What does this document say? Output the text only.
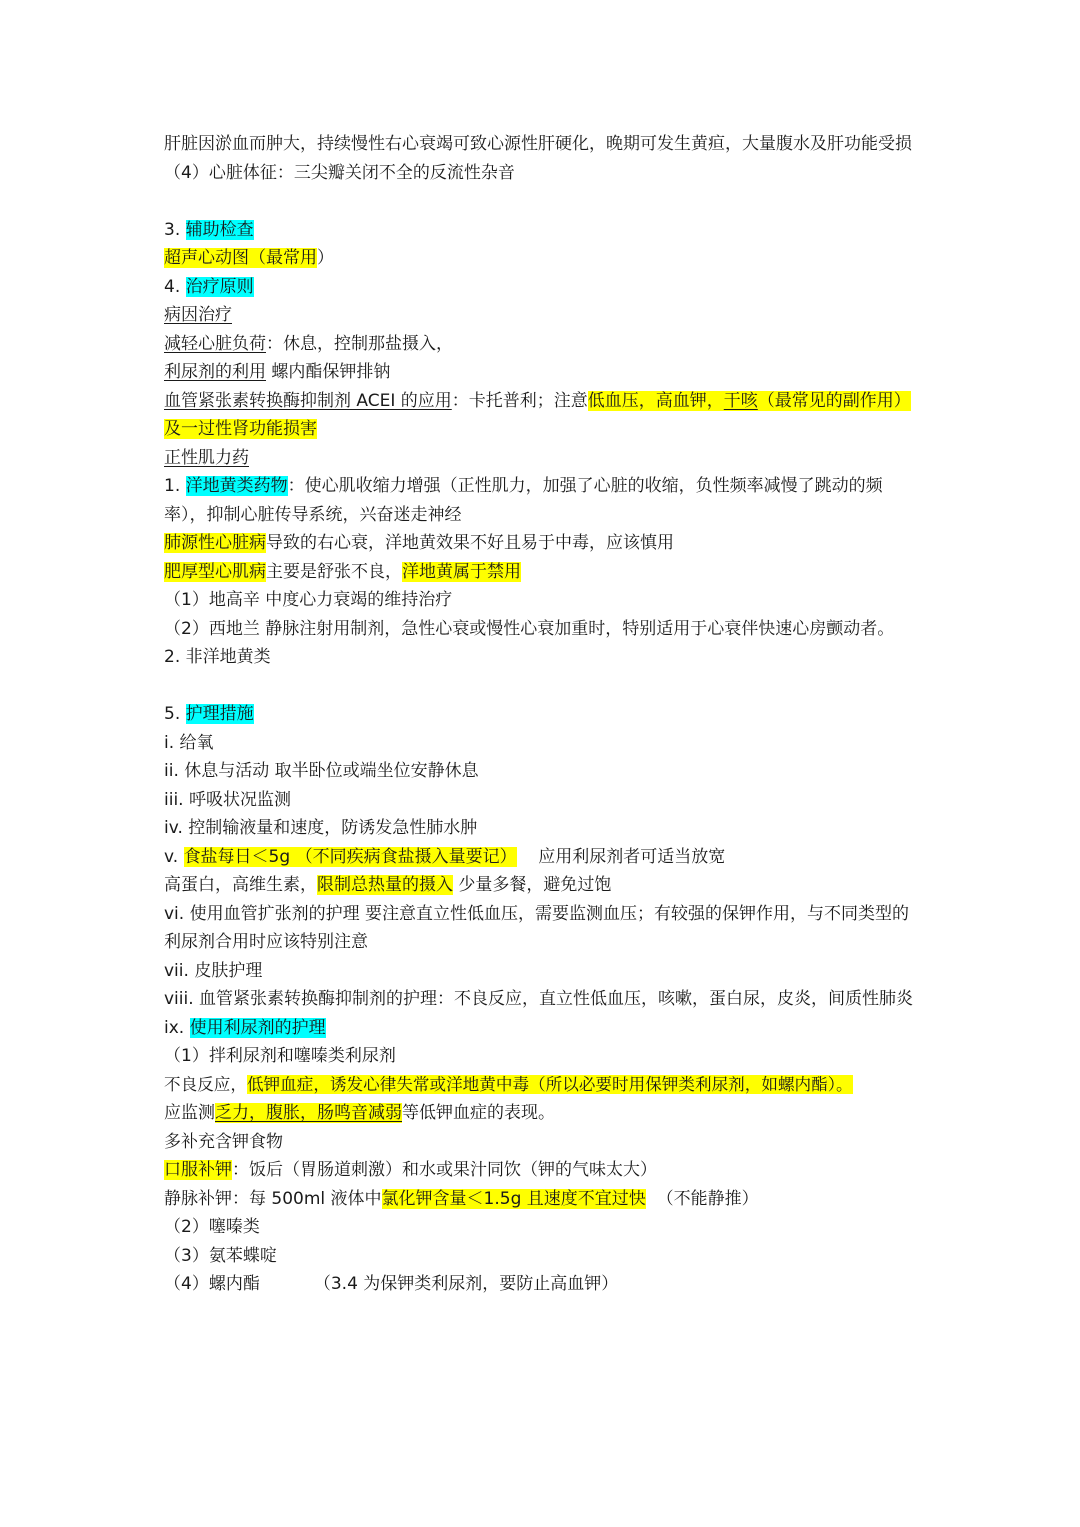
肝脏因淤血而肿大，持续慢性右心衰竭可致心源性肝硬化，晚期可发生黄疸，大量腹水及肝功能受损
（4）心脏体征：三尖瓣关闭不全的反流性杂音
3. 辅助检查
超声心动图（最常用）
4. 治疗原则
病因治疗
减轻心脏负荷：休息，控制那盐摄入，
利尿剂的利用 螺内酯保钾排钠
血管紧张素转换酶抑制剂 ACEI 的应用：卡托普利；注意低血压，高血钾，干咳（最常见的副作用）及一过性肾功能损害
正性肌力药
1. 洋地黄类药物：使心肌收缩力增强（正性肌力，加强了心脏的收缩，负性频率减慢了跳动的频率），抑制心脏传导系统，兴奋迷走神经
肺源性心脏病导致的右心衰，洋地黄效果不好且易于中毒，应该慎用
肥厚型心肌病主要是舒张不良，洋地黄属于禁用
（1）地高辛 中度心力衰竭的维持治疗
（2）西地兰 静脉注射用制剂，急性心衰或慢性心衰加重时，特别适用于心衰伴快速心房颤动者。
2. 非洋地黄类
5. 护理措施
i. 给氧
ii. 休息与活动 取半卧位或端坐位安静休息
iii. 呼吸状况监测
iv. 控制输液量和速度，防诱发急性肺水肿
v. 食盐每日＜5g （不同疾病食盐摄入量要记）    应用利尿剂者可适当放宽
高蛋白，高维生素，限制总热量的摄入 少量多餐，避免过饱
vi. 使用血管扩张剂的护理 要注意直立性低血压，需要监测血压；有较强的保钾作用，与不同类型的利尿剂合用时应该特别注意
vii. 皮肤护理
viii. 血管紧张素转换酶抑制剂的护理：不良反应，直立性低血压，咳嗽，蛋白尿，皮炎，间质性肺炎
ix. 使用利尿剂的护理
（1）拌利尿剂和噻嗪类利尿剂
不良反应，低钾血症，诱发心律失常或洋地黄中毒（所以必要时用保钾类利尿剂，如螺内酯）。
应监测乏力，腹胀，肠鸣音减弱等低钾血症的表现。
多补充含钾食物
口服补钾：饭后（胃肠道刺激）和水或果汁同饮（钾的气味太大）
静脉补钾：每 500ml 液体中氯化钾含量＜1.5g 且速度不宜过快  （不能静推）
（2）噻嗪类
（3）氨苯蝶啶
（4）螺内酯          （3.4 为保钾类利尿剂，要防止高血钾）
